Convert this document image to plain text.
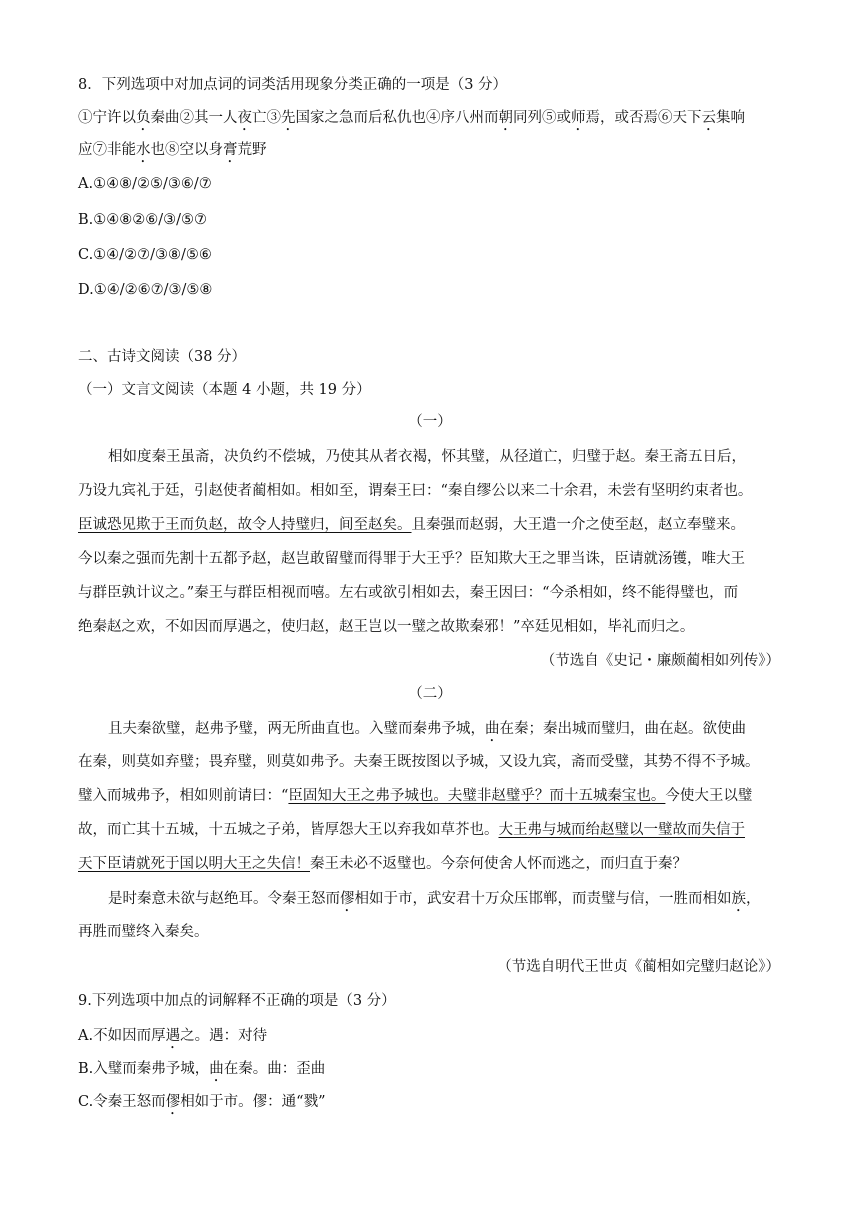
8．下列选项中对加点词的词类活用现象分类正确的一项是（3 分）
①宁许以负秦曲②其一人夜亡③先国家之急而后私仇也④序八州而朝同列⑤或师焉，或否焉⑥天下云集响
应⑦非能水也⑧空以身膏荒野
A.①④⑧/②⑤/③⑥/⑦
B.①④⑧②⑥/③/⑤⑦
C.①④/②⑦/③⑧/⑤⑥
D.①④/②⑥⑦/③/⑤⑧
二、古诗文阅读（38 分）
（一）文言文阅读（本题 4 小题，共 19 分）
（一）
相如度秦王虽斋，决负约不偿城，乃使其从者衣褐，怀其璧，从径道亡，归璧于赵。秦王斋五日后，
乃设九宾礼于廷，引赵使者蔺相如。相如至，谓秦王曰：“秦自缪公以来二十余君，未尝有坚明约束者也。
臣诚恐见欺于王而负赵，故令人持璧归，间至赵矣。且秦强而赵弱，大王遣一介之使至赵，赵立奉璧来。
今以秦之强而先割十五都予赵，赵岂敢留璧而得罪于大王乎？臣知欺大王之罪当诛，臣请就汤镬，唯大王
与群臣孰计议之。”秦王与群臣相视而嘻。左右或欲引相如去，秦王因曰：“今杀相如，终不能得璧也，而
绝秦赵之欢，不如因而厚遇之，使归赵，赵王岂以一璧之故欺秦邪！”卒廷见相如，毕礼而归之。
（节选自《史记・廉颇蔺相如列传》）
（二）
且夫秦欲璧，赵弗予璧，两无所曲直也。入璧而秦弗予城，曲在秦；秦出城而璧归，曲在赵。欲使曲
在秦，则莫如弃璧；畏弃璧，则莫如弗予。夫秦王既按图以予城，又设九宾，斋而受璧，其势不得不予城。
璧入而城弗予，相如则前请曰：“臣固知大王之弗予城也。夫璧非赵璧乎？而十五城秦宝也。今使大王以璧
故，而亡其十五城，十五城之子弟，皆厚怨大王以弃我如草芥也。大王弗与城而绐赵璧以一璧故而失信于
天下臣请就死于国以明大王之失信！秦王未必不返璧也。今奈何使舍人怀而逃之，而归直于秦？
是时秦意未欲与赵绝耳。令秦王怒而僇相如于市，武安君十万众压邯郸，而责璧与信，一胜而相如族，
再胜而璧终入秦矣。
（节选自明代王世贞《蔺相如完璧归赵论》）
9.下列选项中加点的词解释不正确的项是（3 分）
A.不如因而厚遇之。遇：对待
B.入璧而秦弗予城，曲在秦。曲：歪曲
C.令秦王怒而僇相如于市。僇：通“戮”
